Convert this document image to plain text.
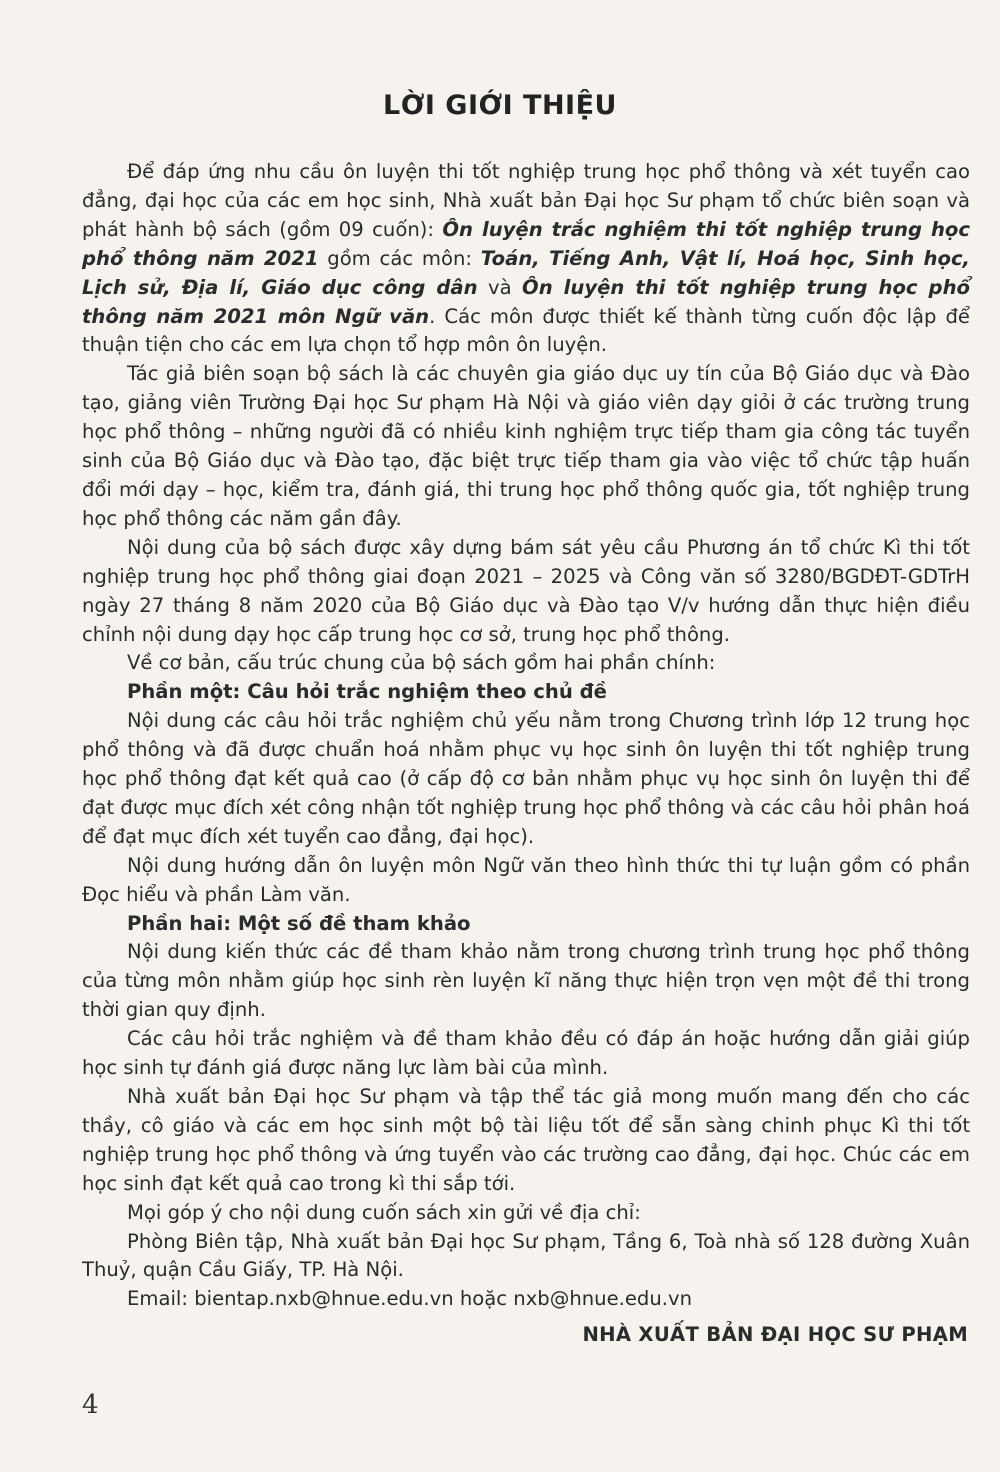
LỜI GIỚI THIỆU

Để đáp ứng nhu cầu ôn luyện thi tốt nghiệp trung học phổ thông và xét tuyển cao đẳng, đại học của các em học sinh, Nhà xuất bản Đại học Sư phạm tổ chức biên soạn và phát hành bộ sách (gồm 09 cuốn): Ôn luyện trắc nghiệm thi tốt nghiệp trung học phổ thông năm 2021 gồm các môn: Toán, Tiếng Anh, Vật lí, Hoá học, Sinh học, Lịch sử, Địa lí, Giáo dục công dân và Ôn luyện thi tốt nghiệp trung học phổ thông năm 2021 môn Ngữ văn. Các môn được thiết kế thành từng cuốn độc lập để thuận tiện cho các em lựa chọn tổ hợp môn ôn luyện.

Tác giả biên soạn bộ sách là các chuyên gia giáo dục uy tín của Bộ Giáo dục và Đào tạo, giảng viên Trường Đại học Sư phạm Hà Nội và giáo viên dạy giỏi ở các trường trung học phổ thông – những người đã có nhiều kinh nghiệm trực tiếp tham gia công tác tuyển sinh của Bộ Giáo dục và Đào tạo, đặc biệt trực tiếp tham gia vào việc tổ chức tập huấn đổi mới dạy – học, kiểm tra, đánh giá, thi trung học phổ thông quốc gia, tốt nghiệp trung học phổ thông các năm gần đây.

Nội dung của bộ sách được xây dựng bám sát yêu cầu Phương án tổ chức Kì thi tốt nghiệp trung học phổ thông giai đoạn 2021 – 2025 và Công văn số 3280/BGDĐT-GDTrH ngày 27 tháng 8 năm 2020 của Bộ Giáo dục và Đào tạo V/v hướng dẫn thực hiện điều chỉnh nội dung dạy học cấp trung học cơ sở, trung học phổ thông.

Về cơ bản, cấu trúc chung của bộ sách gồm hai phần chính:

Phần một: Câu hỏi trắc nghiệm theo chủ đề

Nội dung các câu hỏi trắc nghiệm chủ yếu nằm trong Chương trình lớp 12 trung học phổ thông và đã được chuẩn hoá nhằm phục vụ học sinh ôn luyện thi tốt nghiệp trung học phổ thông đạt kết quả cao (ở cấp độ cơ bản nhằm phục vụ học sinh ôn luyện thi để đạt được mục đích xét công nhận tốt nghiệp trung học phổ thông và các câu hỏi phân hoá để đạt mục đích xét tuyển cao đẳng, đại học).

Nội dung hướng dẫn ôn luyện môn Ngữ văn theo hình thức thi tự luận gồm có phần Đọc hiểu và phần Làm văn.

Phần hai: Một số đề tham khảo

Nội dung kiến thức các đề tham khảo nằm trong chương trình trung học phổ thông của từng môn nhằm giúp học sinh rèn luyện kĩ năng thực hiện trọn vẹn một đề thi trong thời gian quy định.

Các câu hỏi trắc nghiệm và đề tham khảo đều có đáp án hoặc hướng dẫn giải giúp học sinh tự đánh giá được năng lực làm bài của mình.

Nhà xuất bản Đại học Sư phạm và tập thể tác giả mong muốn mang đến cho các thầy, cô giáo và các em học sinh một bộ tài liệu tốt để sẵn sàng chinh phục Kì thi tốt nghiệp trung học phổ thông và ứng tuyển vào các trường cao đẳng, đại học. Chúc các em học sinh đạt kết quả cao trong kì thi sắp tới.

Mọi góp ý cho nội dung cuốn sách xin gửi về địa chỉ:

Phòng Biên tập, Nhà xuất bản Đại học Sư phạm, Tầng 6, Toà nhà số 128 đường Xuân Thuỷ, quận Cầu Giấy, TP. Hà Nội.

Email: bientap.nxb@hnue.edu.vn hoặc nxb@hnue.edu.vn

NHÀ XUẤT BẢN ĐẠI HỌC SƯ PHẠM
4
